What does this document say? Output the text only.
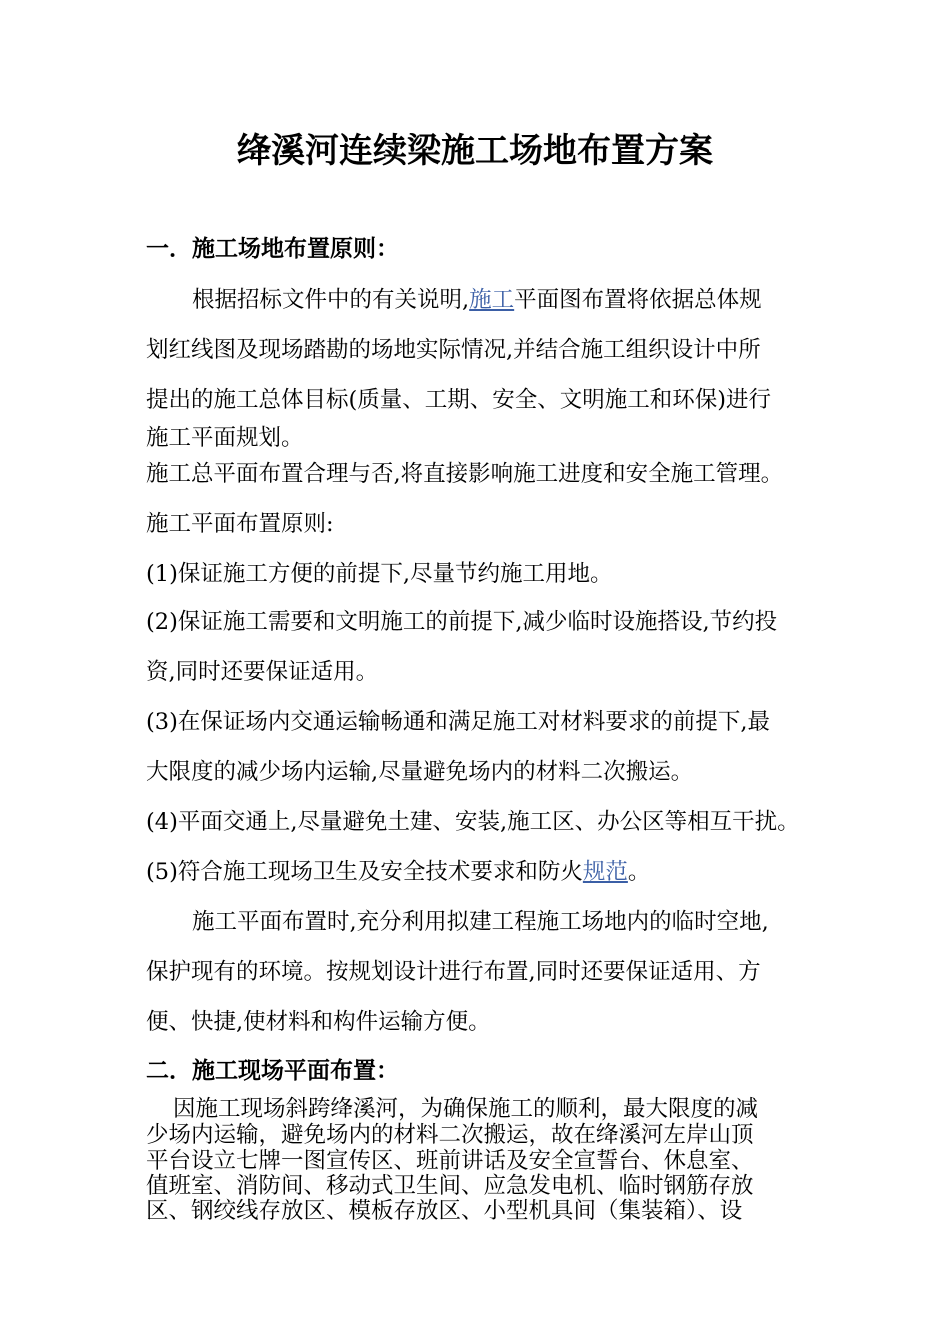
绛溪河连续梁施工场地布置方案
一．施工场地布置原则：
根据招标文件中的有关说明,施工平面图布置将依据总体规
划红线图及现场踏勘的场地实际情况,并结合施工组织设计中所
提出的施工总体目标(质量、工期、安全、文明施工和环保)进行
施工平面规划。
施工总平面布置合理与否,将直接影响施工进度和安全施工管理。
施工平面布置原则:
(1)保证施工方便的前提下,尽量节约施工用地。
(2)保证施工需要和文明施工的前提下,减少临时设施搭设,节约投
资,同时还要保证适用。
(3)在保证场内交通运输畅通和满足施工对材料要求的前提下,最
大限度的减少场内运输,尽量避免场内的材料二次搬运。
(4)平面交通上,尽量避免土建、安装,施工区、办公区等相互干扰。
(5)符合施工现场卫生及安全技术要求和防火规范。
施工平面布置时,充分利用拟建工程施工场地内的临时空地,
保护现有的环境。按规划设计进行布置,同时还要保证适用、方
便、快捷,使材料和构件运输方便。
二．施工现场平面布置：
因施工现场斜跨绛溪河，为确保施工的顺利，最大限度的减
少场内运输，避免场内的材料二次搬运，故在绛溪河左岸山顶
平台设立七牌一图宣传区、班前讲话及安全宣誓台、休息室、
值班室、消防间、移动式卫生间、应急发电机、临时钢筋存放
区、钢绞线存放区、模板存放区、小型机具间（集装箱）、设
